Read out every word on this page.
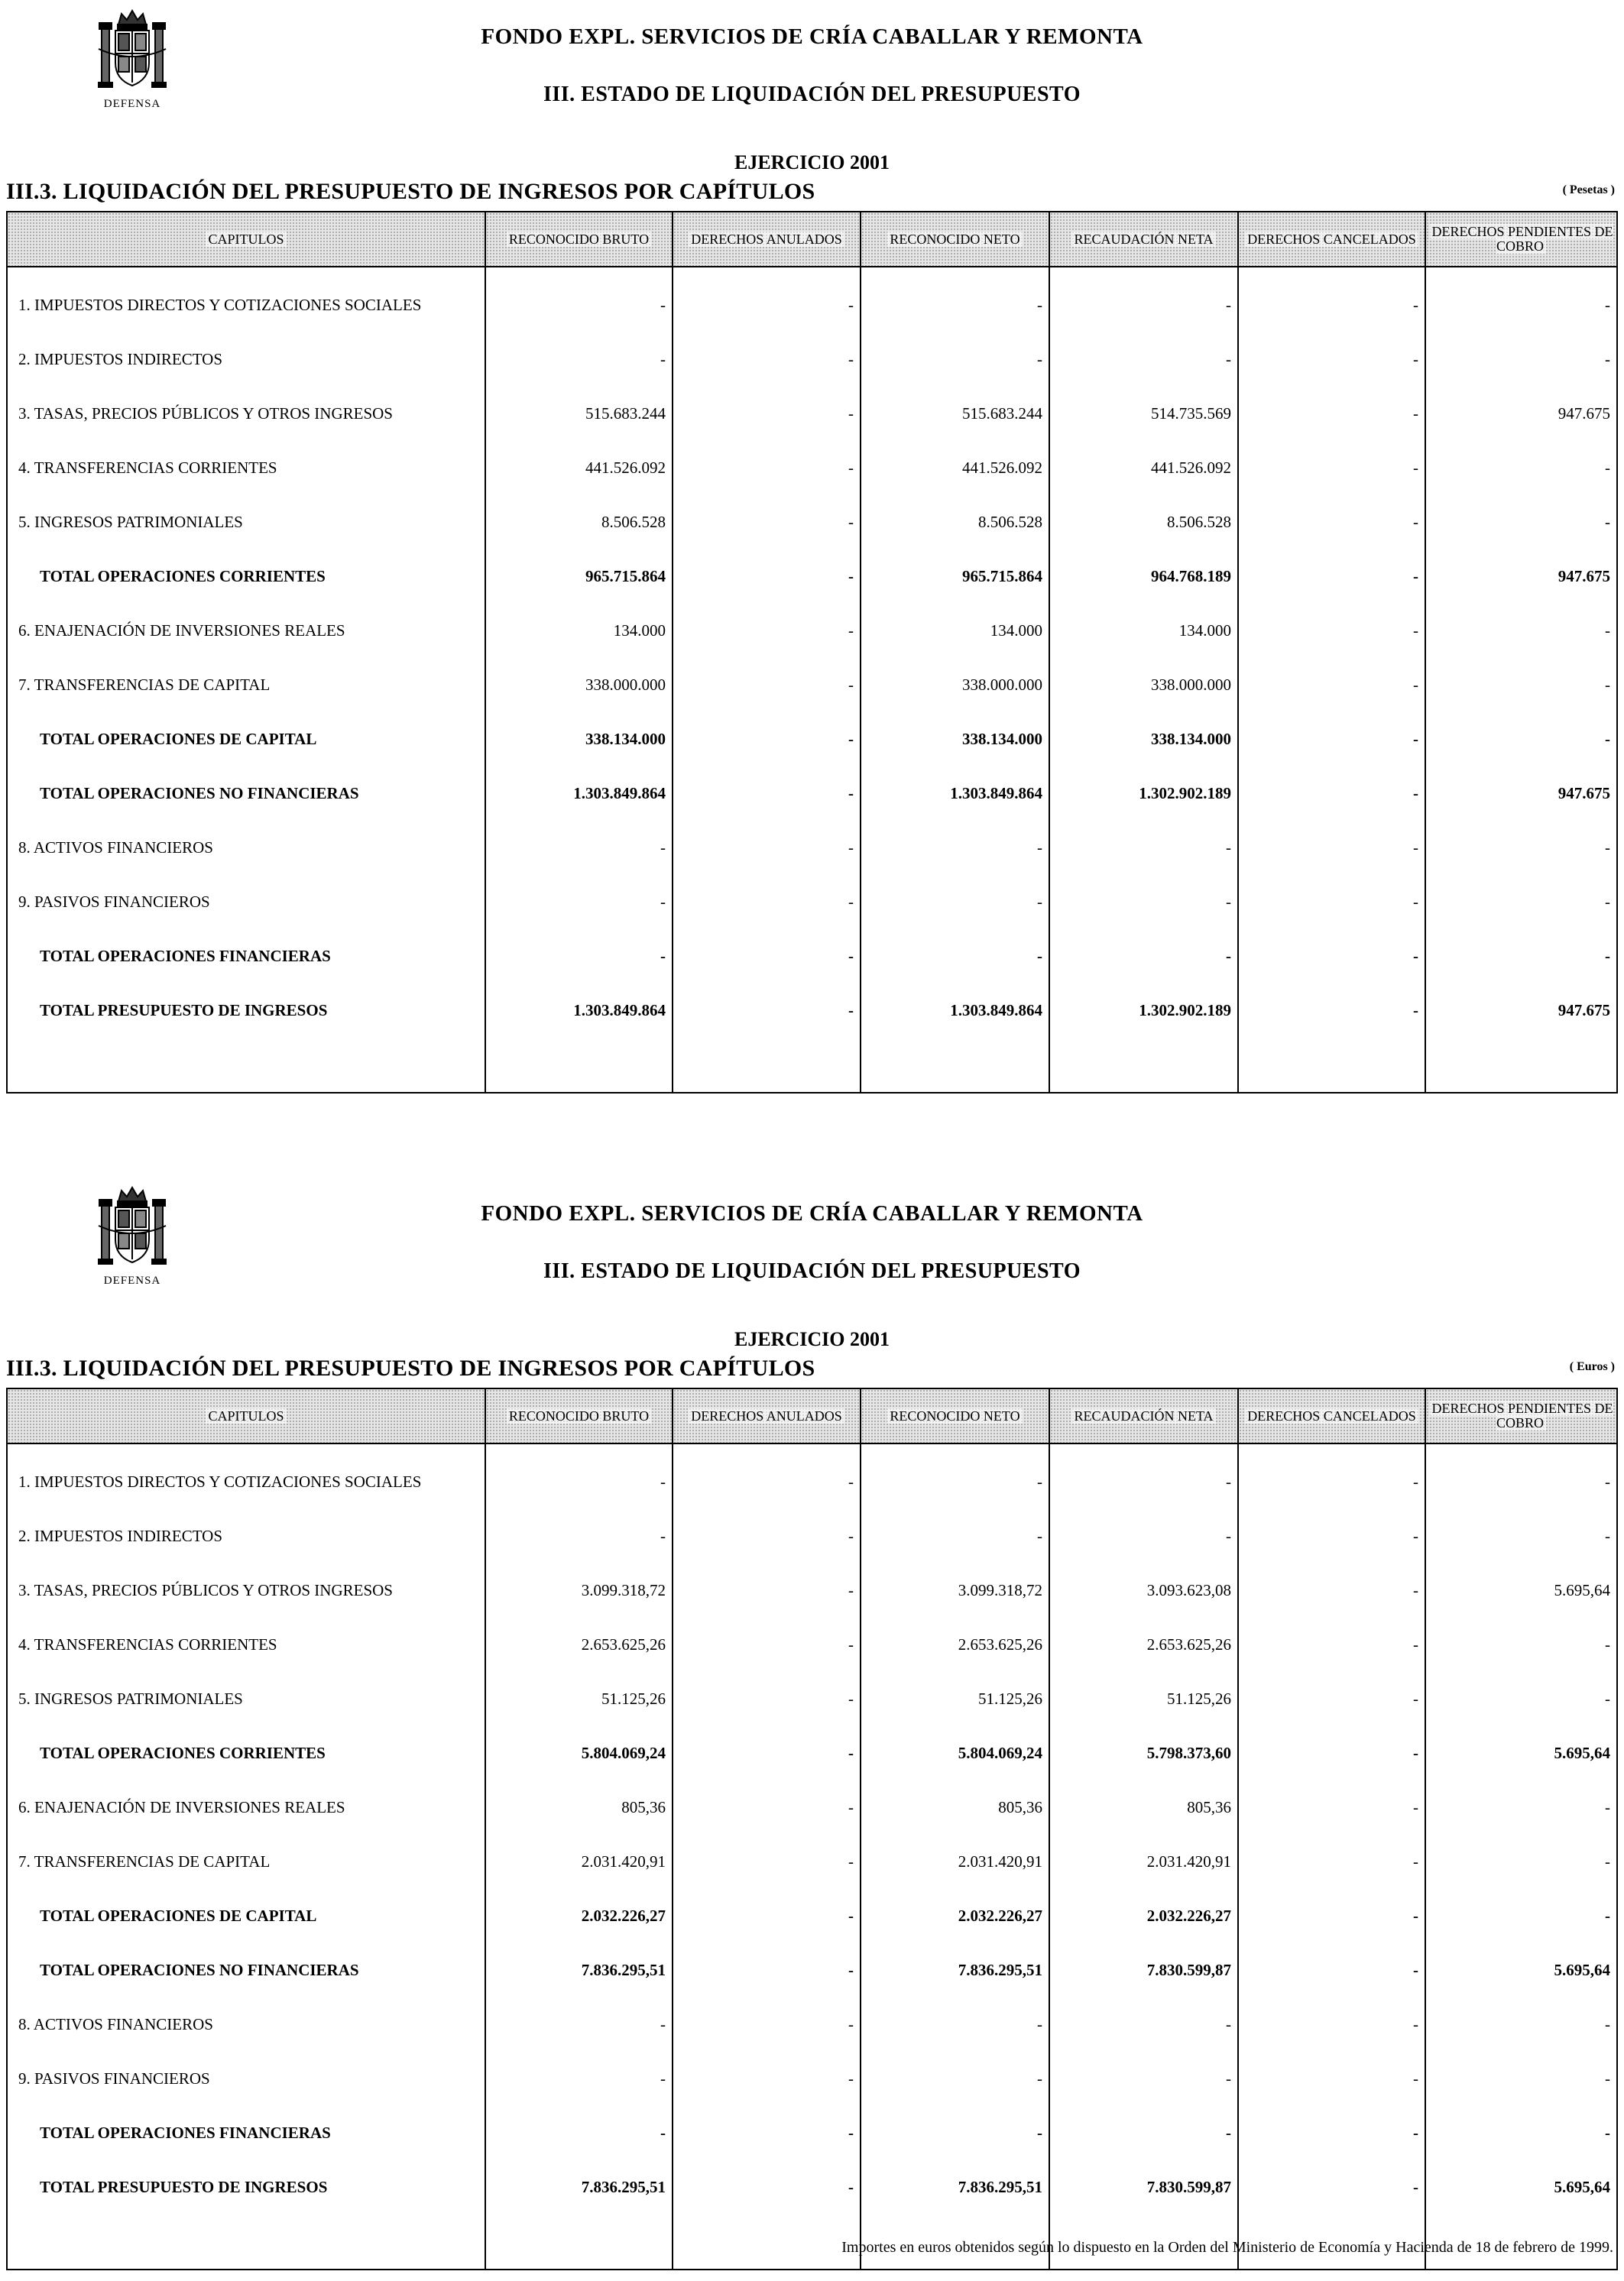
DEFENSA
FONDO EXPL. SERVICIOS DE CRÍA CABALLAR Y REMONTA
III. ESTADO DE LIQUIDACIÓN DEL PRESUPUESTO
EJERCICIO 2001
III.3. LIQUIDACIÓN DEL PRESUPUESTO DE INGRESOS POR CAPÍTULOS	( Pesetas )
CAPITULOS	RECONOCIDO BRUTO	DERECHOS ANULADOS	RECONOCIDO NETO	RECAUDACIÓN NETA	DERECHOS CANCELADOS	DERECHOS PENDIENTES DE COBRO
1. IMPUESTOS DIRECTOS Y COTIZACIONES SOCIALES	-	-	-	-	-	-
2. IMPUESTOS INDIRECTOS	-	-	-	-	-	-
3. TASAS, PRECIOS PÚBLICOS Y OTROS INGRESOS	515.683.244	-	515.683.244	514.735.569	-	947.675
4. TRANSFERENCIAS CORRIENTES	441.526.092	-	441.526.092	441.526.092	-	-
5. INGRESOS PATRIMONIALES	8.506.528	-	8.506.528	8.506.528	-	-
TOTAL OPERACIONES CORRIENTES	965.715.864	-	965.715.864	964.768.189	-	947.675
6. ENAJENACIÓN DE INVERSIONES REALES	134.000	-	134.000	134.000	-	-
7. TRANSFERENCIAS DE CAPITAL	338.000.000	-	338.000.000	338.000.000	-	-
TOTAL OPERACIONES DE CAPITAL	338.134.000	-	338.134.000	338.134.000	-	-
TOTAL OPERACIONES NO FINANCIERAS	1.303.849.864	-	1.303.849.864	1.302.902.189	-	947.675
8. ACTIVOS FINANCIEROS	-	-	-	-	-	-
9. PASIVOS FINANCIEROS	-	-	-	-	-	-
TOTAL OPERACIONES FINANCIERAS	-	-	-	-	-	-
TOTAL PRESUPUESTO DE INGRESOS	1.303.849.864	-	1.303.849.864	1.302.902.189	-	947.675

DEFENSA
FONDO EXPL. SERVICIOS DE CRÍA CABALLAR Y REMONTA
III. ESTADO DE LIQUIDACIÓN DEL PRESUPUESTO
EJERCICIO 2001
III.3. LIQUIDACIÓN DEL PRESUPUESTO DE INGRESOS POR CAPÍTULOS	( Euros )
CAPITULOS	RECONOCIDO BRUTO	DERECHOS ANULADOS	RECONOCIDO NETO	RECAUDACIÓN NETA	DERECHOS CANCELADOS	DERECHOS PENDIENTES DE COBRO
1. IMPUESTOS DIRECTOS Y COTIZACIONES SOCIALES	-	-	-	-	-	-
2. IMPUESTOS INDIRECTOS	-	-	-	-	-	-
3. TASAS, PRECIOS PÚBLICOS Y OTROS INGRESOS	3.099.318,72	-	3.099.318,72	3.093.623,08	-	5.695,64
4. TRANSFERENCIAS CORRIENTES	2.653.625,26	-	2.653.625,26	2.653.625,26	-	-
5. INGRESOS PATRIMONIALES	51.125,26	-	51.125,26	51.125,26	-	-
TOTAL OPERACIONES CORRIENTES	5.804.069,24	-	5.804.069,24	5.798.373,60	-	5.695,64
6. ENAJENACIÓN DE INVERSIONES REALES	805,36	-	805,36	805,36	-	-
7. TRANSFERENCIAS DE CAPITAL	2.031.420,91	-	2.031.420,91	2.031.420,91	-	-
TOTAL OPERACIONES DE CAPITAL	2.032.226,27	-	2.032.226,27	2.032.226,27	-	-
TOTAL OPERACIONES NO FINANCIERAS	7.836.295,51	-	7.836.295,51	7.830.599,87	-	5.695,64
8. ACTIVOS FINANCIEROS	-	-	-	-	-	-
9. PASIVOS FINANCIEROS	-	-	-	-	-	-
TOTAL OPERACIONES FINANCIERAS	-	-	-	-	-	-
TOTAL PRESUPUESTO DE INGRESOS	7.836.295,51	-	7.836.295,51	7.830.599,87	-	5.695,64

Importes en euros obtenidos según lo dispuesto en la Orden del Ministerio de Economía y Hacienda de 18 de febrero de 1999.
